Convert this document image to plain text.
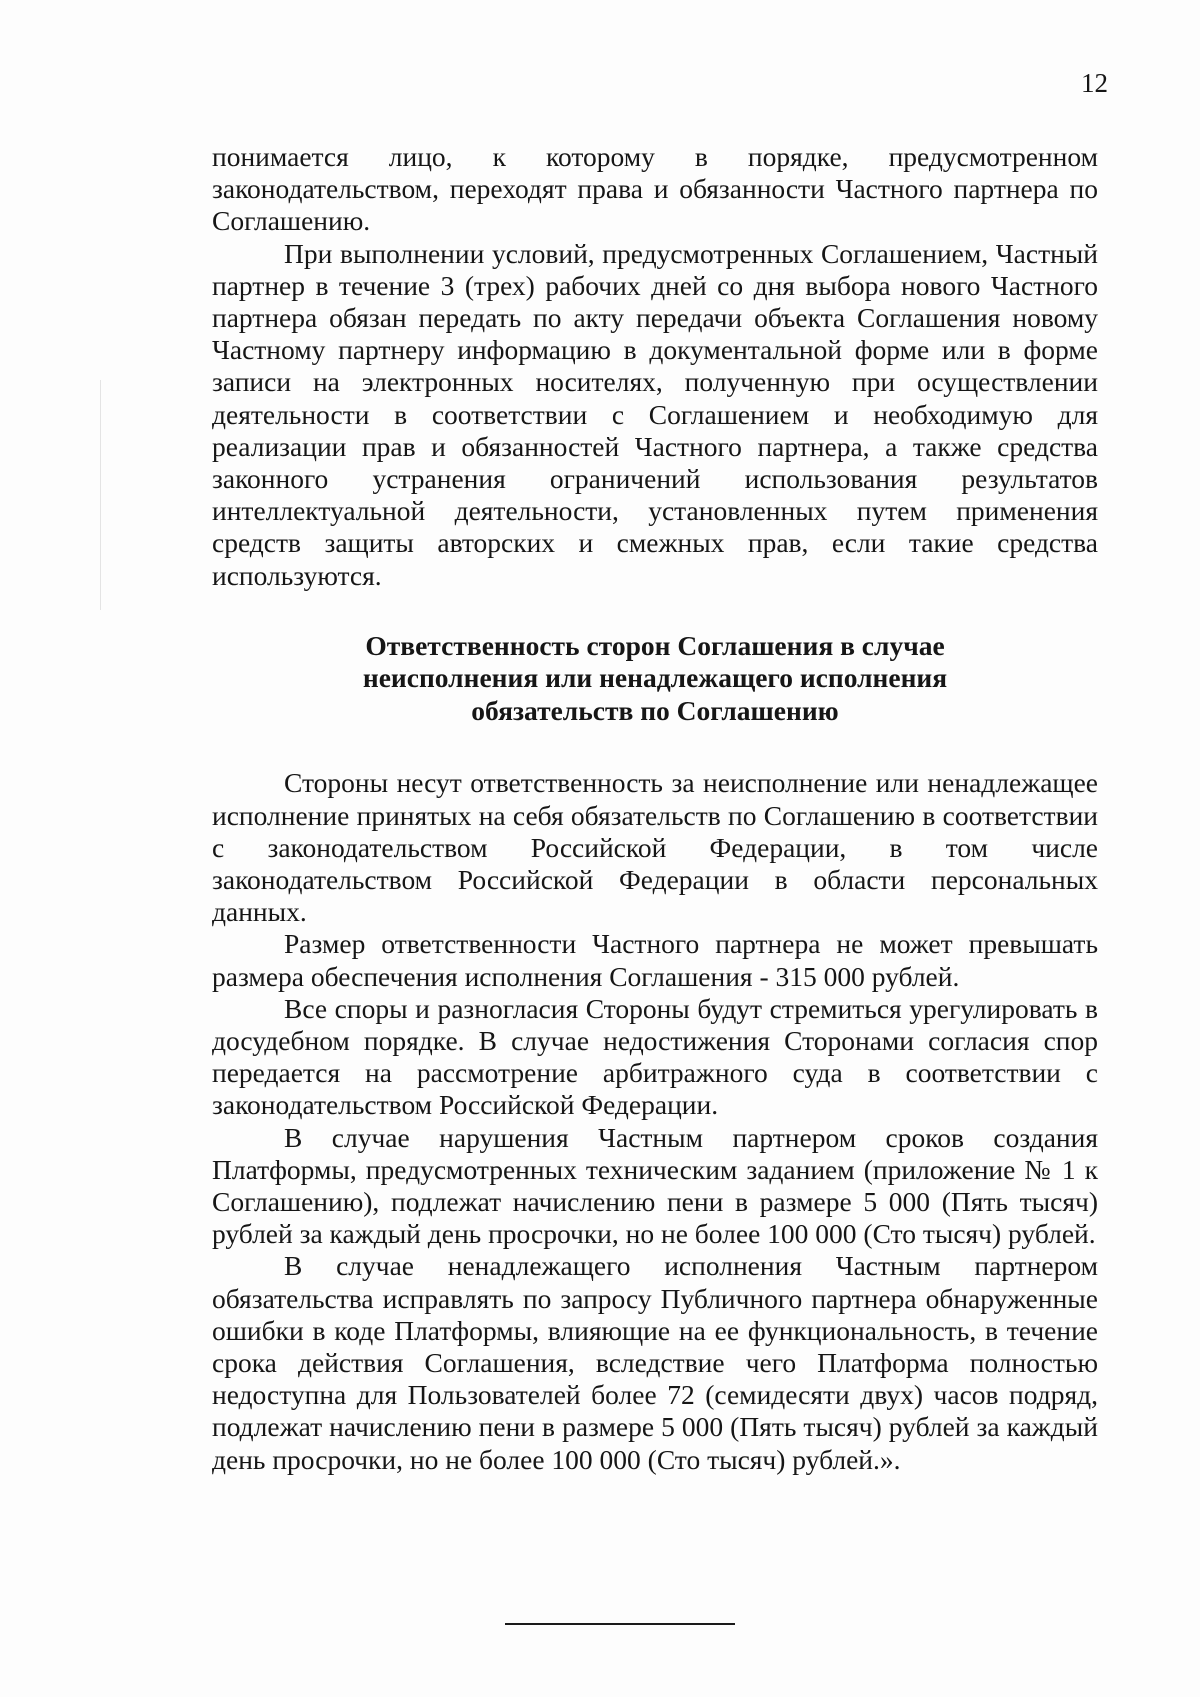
12

понимается лицо, к которому в порядке, предусмотренном законодательством, переходят права и обязанности Частного партнера по Соглашению.

При выполнении условий, предусмотренных Соглашением, Частный партнер в течение 3 (трех) рабочих дней со дня выбора нового Частного партнера обязан передать по акту передачи объекта Соглашения новому Частному партнеру информацию в документальной форме или в форме записи на электронных носителях, полученную при осуществлении деятельности в соответствии с Соглашением и необходимую для реализации прав и обязанностей Частного партнера, а также средства законного устранения ограничений использования результатов интеллектуальной деятельности, установленных путем применения средств защиты авторских и смежных прав, если такие средства используются.

Ответственность сторон Соглашения в случае
неисполнения или ненадлежащего исполнения
обязательств по Соглашению

Стороны несут ответственность за неисполнение или ненадлежащее исполнение принятых на себя обязательств по Соглашению в соответствии с законодательством Российской Федерации, в том числе законодательством Российской Федерации в области персональных данных.

Размер ответственности Частного партнера не может превышать размера обеспечения исполнения Соглашения - 315 000 рублей.

Все споры и разногласия Стороны будут стремиться урегулировать в досудебном порядке. В случае недостижения Сторонами согласия спор передается на рассмотрение арбитражного суда в соответствии с законодательством Российской Федерации.

В случае нарушения Частным партнером сроков создания Платформы, предусмотренных техническим заданием (приложение № 1 к Соглашению), подлежат начислению пени в размере 5 000 (Пять тысяч) рублей за каждый день просрочки, но не более 100 000 (Сто тысяч) рублей.

В случае ненадлежащего исполнения Частным партнером обязательства исправлять по запросу Публичного партнера обнаруженные ошибки в коде Платформы, влияющие на ее функциональность, в течение срока действия Соглашения, вследствие чего Платформа полностью недоступна для Пользователей более 72 (семидесяти двух) часов подряд, подлежат начислению пени в размере 5 000 (Пять тысяч) рублей за каждый день просрочки, но не более 100 000 (Сто тысяч) рублей.».
